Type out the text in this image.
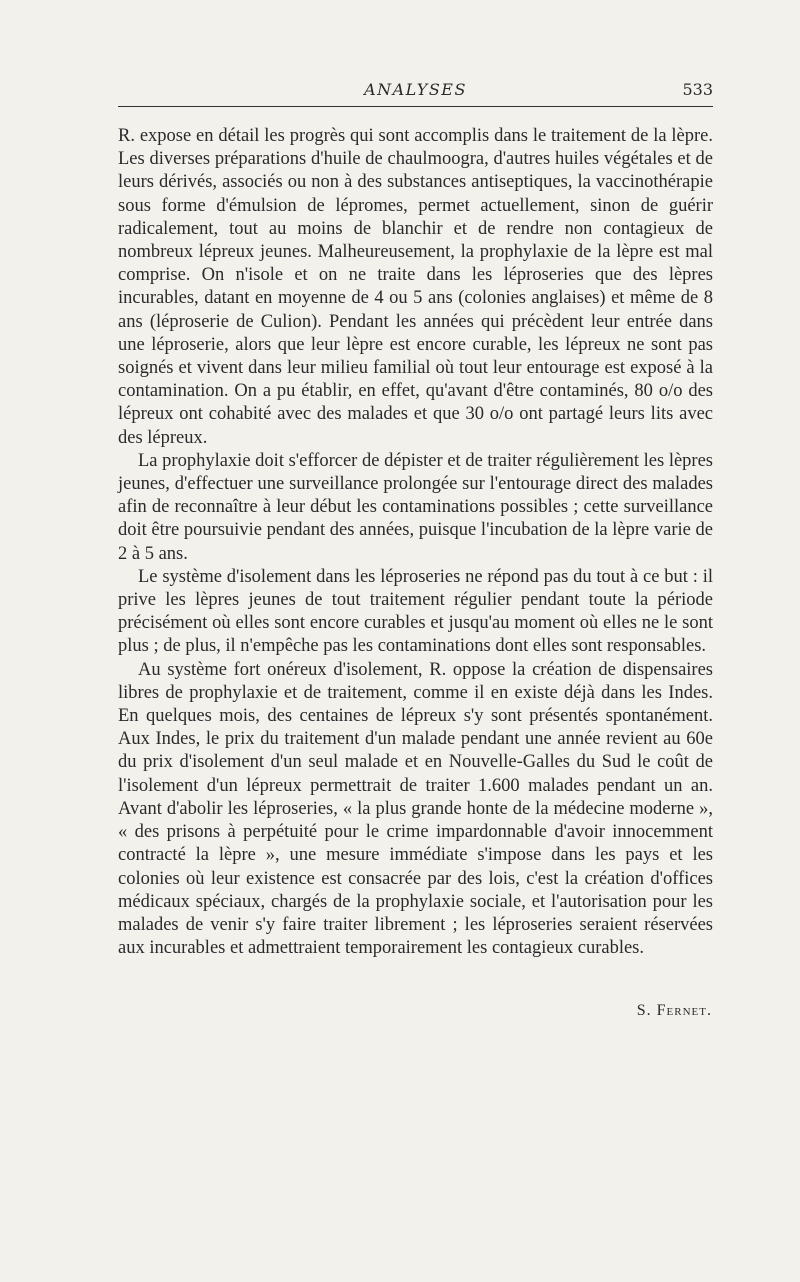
ANALYSES	533

R. expose en détail les progrès qui sont accomplis dans le traitement de la lèpre. Les diverses préparations d'huile de chaulmoogra, d'autres huiles végétales et de leurs dérivés, associés ou non à des substances antiseptiques, la vaccinothérapie sous forme d'émulsion de lépromes, permet actuellement, sinon de guérir radicalement, tout au moins de blanchir et de rendre non contagieux de nombreux lépreux jeunes. Malheureusement, la prophylaxie de la lèpre est mal comprise. On n'isole et on ne traite dans les léproseries que des lèpres incurables, datant en moyenne de 4 ou 5 ans (colonies anglaises) et même de 8 ans (léproserie de Culion). Pendant les années qui précèdent leur entrée dans une léproserie, alors que leur lèpre est encore curable, les lépreux ne sont pas soignés et vivent dans leur milieu familial où tout leur entourage est exposé à la contamination. On a pu établir, en effet, qu'avant d'être contaminés, 80 o/o des lépreux ont cohabité avec des malades et que 30 o/o ont partagé leurs lits avec des lépreux.

La prophylaxie doit s'efforcer de dépister et de traiter régulièrement les lèpres jeunes, d'effectuer une surveillance prolongée sur l'entourage direct des malades afin de reconnaître à leur début les contaminations possibles ; cette surveillance doit être poursuivie pendant des années, puisque l'incubation de la lèpre varie de 2 à 5 ans.

Le système d'isolement dans les léproseries ne répond pas du tout à ce but : il prive les lèpres jeunes de tout traitement régulier pendant toute la période précisément où elles sont encore curables et jusqu'au moment où elles ne le sont plus ; de plus, il n'empêche pas les contaminations dont elles sont responsables.

Au système fort onéreux d'isolement, R. oppose la création de dispensaires libres de prophylaxie et de traitement, comme il en existe déjà dans les Indes. En quelques mois, des centaines de lépreux s'y sont présentés spontanément. Aux Indes, le prix du traitement d'un malade pendant une année revient au 60e du prix d'isolement d'un seul malade et en Nouvelle-Galles du Sud le coût de l'isolement d'un lépreux permettrait de traiter 1.600 malades pendant un an. Avant d'abolir les léproseries, « la plus grande honte de la médecine moderne », « des prisons à perpétuité pour le crime impardonnable d'avoir innocemment contracté la lèpre », une mesure immédiate s'impose dans les pays et les colonies où leur existence est consacrée par des lois, c'est la création d'offices médicaux spéciaux, chargés de la prophylaxie sociale, et l'autorisation pour les malades de venir s'y faire traiter librement ; les léproseries seraient réservées aux incurables et admettraient temporairement les contagieux curables.

S. Fernet.
